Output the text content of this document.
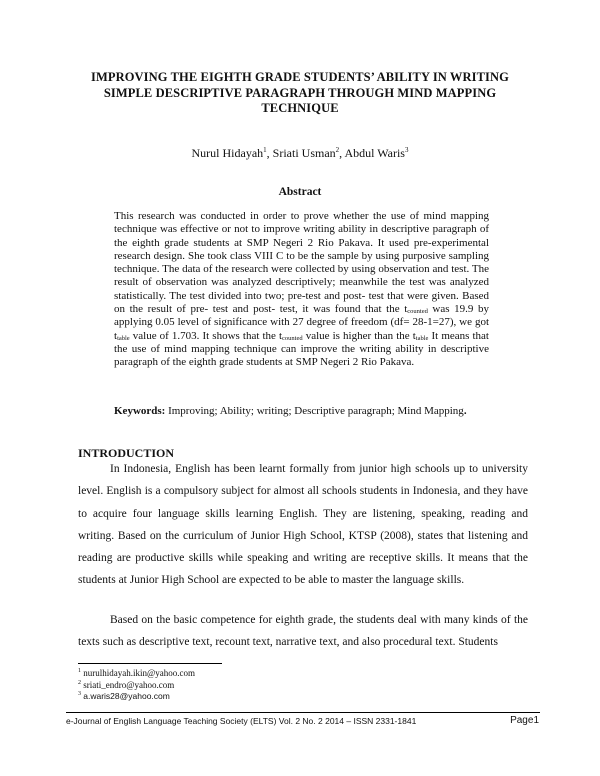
IMPROVING THE EIGHTH GRADE STUDENTS’ ABILITY IN WRITING SIMPLE DESCRIPTIVE PARAGRAPH THROUGH MIND MAPPING TECHNIQUE
Nurul Hidayah$^1$, Sriati Usman$^2$, Abdul Waris$^3$
Abstract
This research was conducted in order to prove whether the use of mind mapping technique was effective or not to improve writing ability in descriptive paragraph of the eighth grade students at SMP Negeri 2 Rio Pakava. It used pre-experimental research design. She took class VIII C to be the sample by using purposive sampling technique. The data of the research were collected by using observation and test. The result of observation was analyzed descriptively; meanwhile the test was analyzed statistically. The test divided into two; pre-test and post- test that were given. Based on the result of pre- test and post- test, it was found that the $t_{counted}$ was 19.9 by applying 0.05 level of significance with 27 degree of freedom (df= 28-1=27), we got $t_{table}$ value of 1.703. It shows that the $t_{counted}$ value is higher than the $t_{table}$ It means that the use of mind mapping technique can improve the writing ability in descriptive paragraph of the eighth grade students at SMP Negeri 2 Rio Pakava.
Keywords: Improving; Ability; writing; Descriptive paragraph; Mind Mapping.
INTRODUCTION
In Indonesia, English has been learnt formally from junior high schools up to university level. English is a compulsory subject for almost all schools students in Indonesia, and they have to acquire four language skills learning English. They are listening, speaking, reading and writing. Based on the curriculum of Junior High School, KTSP (2008), states that listening and reading are productive skills while speaking and writing are receptive skills. It means that the students at Junior High School are expected to be able to master the language skills.
Based on the basic competence for eighth grade, the students deal with many kinds of the texts such as descriptive text, recount text, narrative text, and also procedural text. Students
$^1$ nurulhidayah.ikin@yahoo.com
$^2$ sriati_endro@yahoo.com
$^3$ a.waris28@yahoo.com
e-Journal of English Language Teaching Society (ELTS) Vol. 2 No. 2 2014 – ISSN 2331-1841	Page1
